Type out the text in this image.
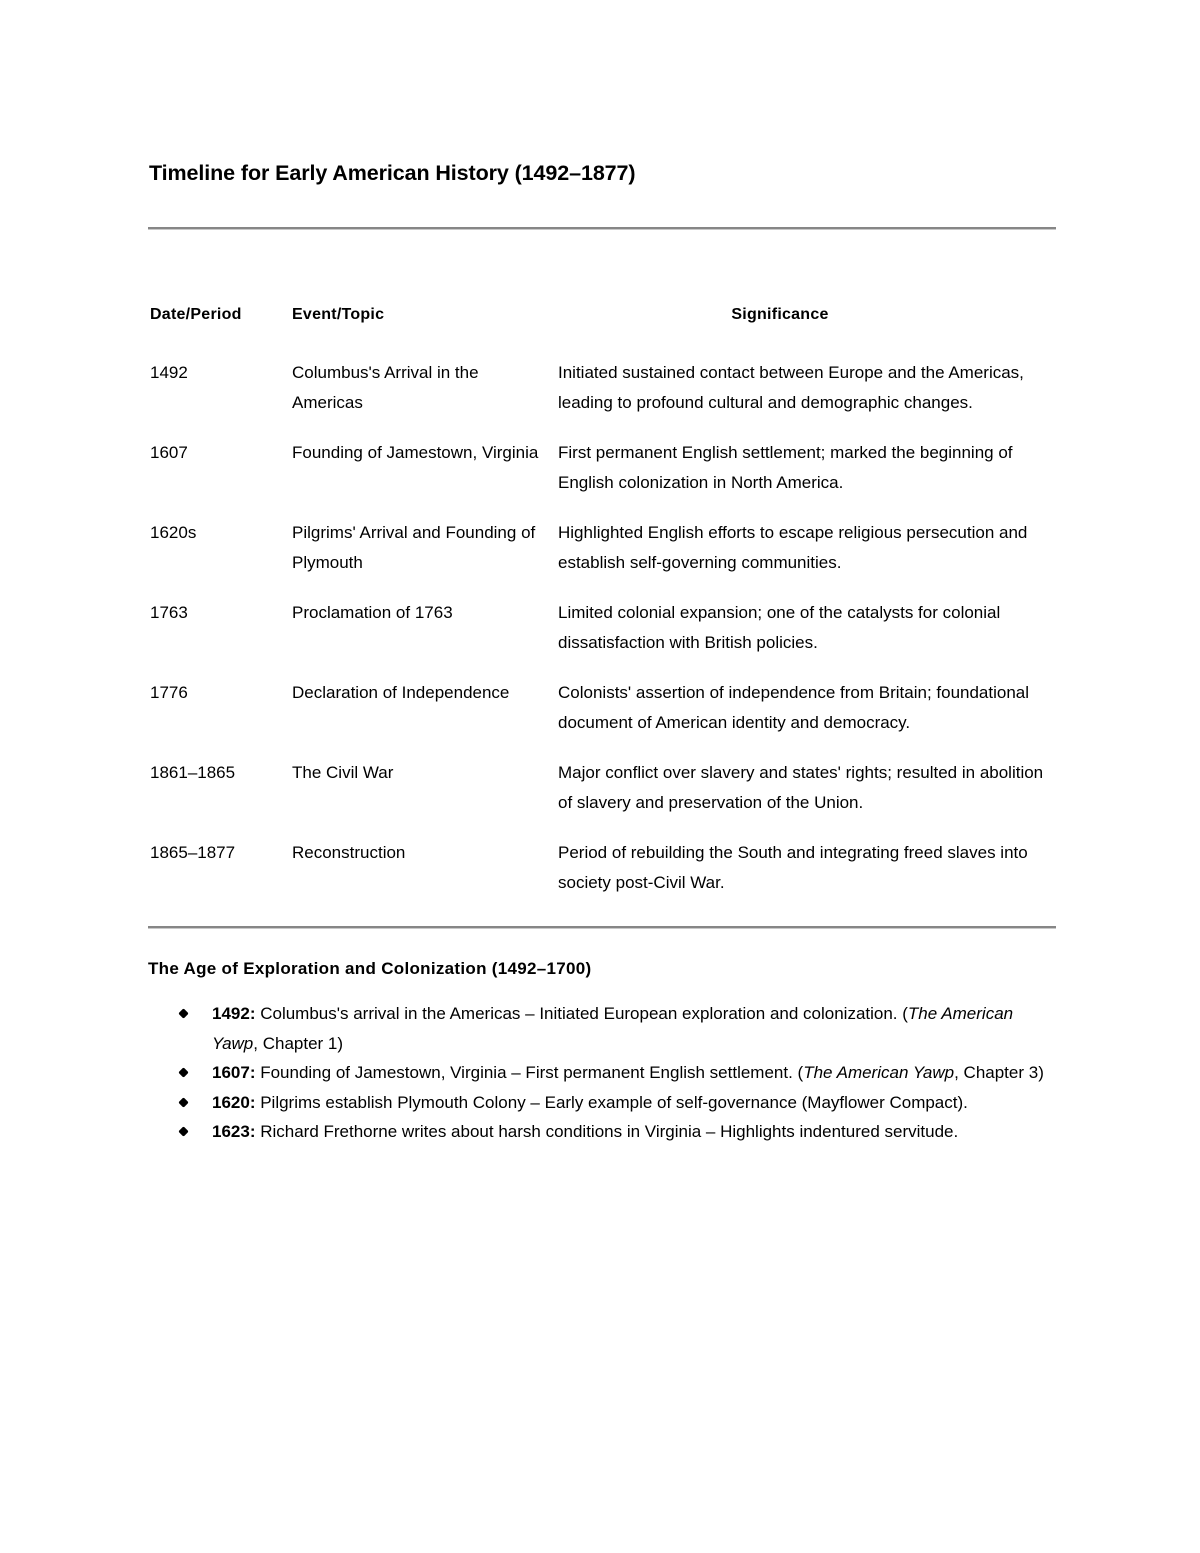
Timeline for Early American History (1492–1877)
Date/Period	Event/Topic	Significance
1492	Columbus's Arrival in the Americas	Initiated sustained contact between Europe and the Americas, leading to profound cultural and demographic changes.
1607	Founding of Jamestown, Virginia	First permanent English settlement; marked the beginning of English colonization in North America.
1620s	Pilgrims' Arrival and Founding of Plymouth	Highlighted English efforts to escape religious persecution and establish self-governing communities.
1763	Proclamation of 1763	Limited colonial expansion; one of the catalysts for colonial dissatisfaction with British policies.
1776	Declaration of Independence	Colonists' assertion of independence from Britain; foundational document of American identity and democracy.
1861–1865	The Civil War	Major conflict over slavery and states' rights; resulted in abolition of slavery and preservation of the Union.
1865–1877	Reconstruction	Period of rebuilding the South and integrating freed slaves into society post-Civil War.
The Age of Exploration and Colonization (1492–1700)
1492: Columbus's arrival in the Americas – Initiated European exploration and colonization. (The American Yawp, Chapter 1)
1607: Founding of Jamestown, Virginia – First permanent English settlement. (The American Yawp, Chapter 3)
1620: Pilgrims establish Plymouth Colony – Early example of self-governance (Mayflower Compact).
1623: Richard Frethorne writes about harsh conditions in Virginia – Highlights indentured servitude.
